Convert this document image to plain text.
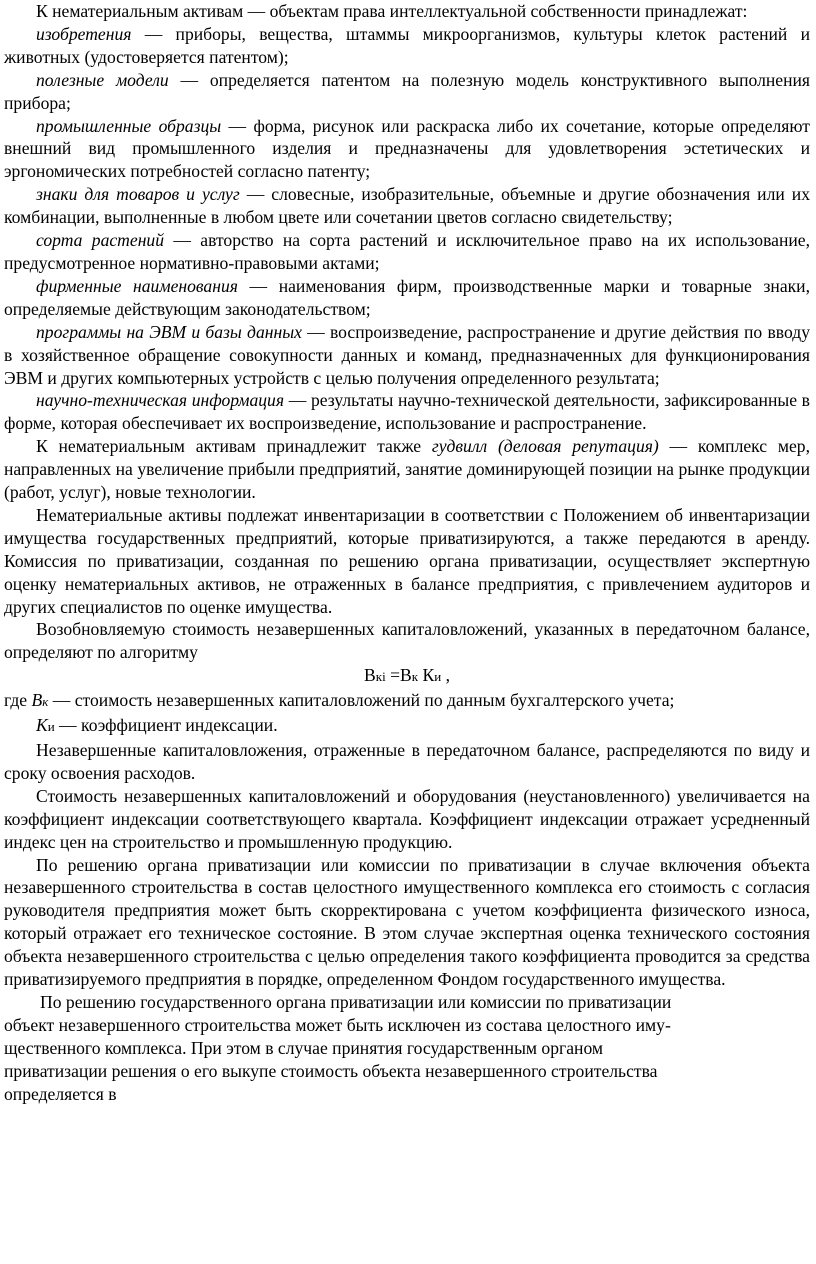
К нематериальным активам — объектам права интеллектуальной собственности принадлежат:

изобретения — приборы, вещества, штаммы микроорганизмов, культуры клеток растений и животных (удостоверяется патентом);

полезные модели — определяется патентом на полезную модель конструктивного выполнения прибора;

промышленные образцы — форма, рисунок или раскраска либо их сочетание, которые определяют внешний вид промышленного изделия и предназначены для удовлетворения эстетических и эргономических потребностей согласно патенту;

знаки для товаров и услуг — словесные, изобразительные, объемные и другие обозначения или их комбинации, выполненные в любом цвете или сочетании цветов согласно свидетельству;

сорта растений — авторство на сорта растений и исключительное право на их использование, предусмотренное нормативно-правовыми актами;

фирменные наименования — наименования фирм, производственные марки и товарные знаки, определяемые действующим законодательством;

программы на ЭВМ и базы данных — воспроизведение, распространение и другие действия по вводу в хозяйственное обращение совокупности данных и команд, предназначенных для функционирования ЭВМ и других компьютерных устройств с целью получения определенного результата;

научно-техническая информация — результаты научно-технической деятельности, зафиксированные в форме, которая обеспечивает их воспроизведение, использование и распространение.

К нематериальным активам принадлежит также гудвилл (деловая репутация) — комплекс мер, направленных на увеличение прибыли предприятий, занятие доминирующей позиции на рынке продукции (работ, услуг), новые технологии.

Нематериальные активы подлежат инвентаризации в соответствии с Положением об инвентаризации имущества государственных предприятий, которые приватизируются, а также передаются в аренду. Комиссия по приватизации, созданная по решению органа приватизации, осуществляет экспертную оценку нематериальных активов, не отраженных в балансе предприятия, с привлечением аудиторов и других специалистов по оценке имущества.

Возобновляемую стоимость незавершенных капиталовложений, указанных в передаточном балансе, определяют по алгоритму

Вкі =Вк Ки ,

где Вк — стоимость незавершенных капиталовложений по данным бухгалтерского учета;

Ки — коэффициент индексации.

Незавершенные капиталовложения, отраженные в передаточном балансе, распределяются по виду и сроку освоения расходов.

Стоимость незавершенных капиталовложений и оборудования (неустановленного) увеличивается на коэффициент индексации соответствующего квартала. Коэффициент индексации отражает усредненный индекс цен на строительство и промышленную продукцию.

По решению органа приватизации или комиссии по приватизации в случае включения объекта незавершенного строительства в состав целостного имущественного комплекса его стоимость с согласия руководителя предприятия может быть скорректирована с учетом коэффициента физического износа, который отражает его техническое состояние. В этом случае экспертная оценка технического состояния объекта незавершенного строительства с целью определения такого коэффициента проводится за средства приватизируемого предприятия в порядке, определенном Фондом государственного имущества.

По решению государственного органа приватизации или комиссии по приватизации
объект незавершенного строительства может быть исключен из состава целостного иму-
щественного комплекса. При этом в случае принятия государственным органом
приватизации решения о его выкупе стоимость объекта незавершенного строительства
определяется в
